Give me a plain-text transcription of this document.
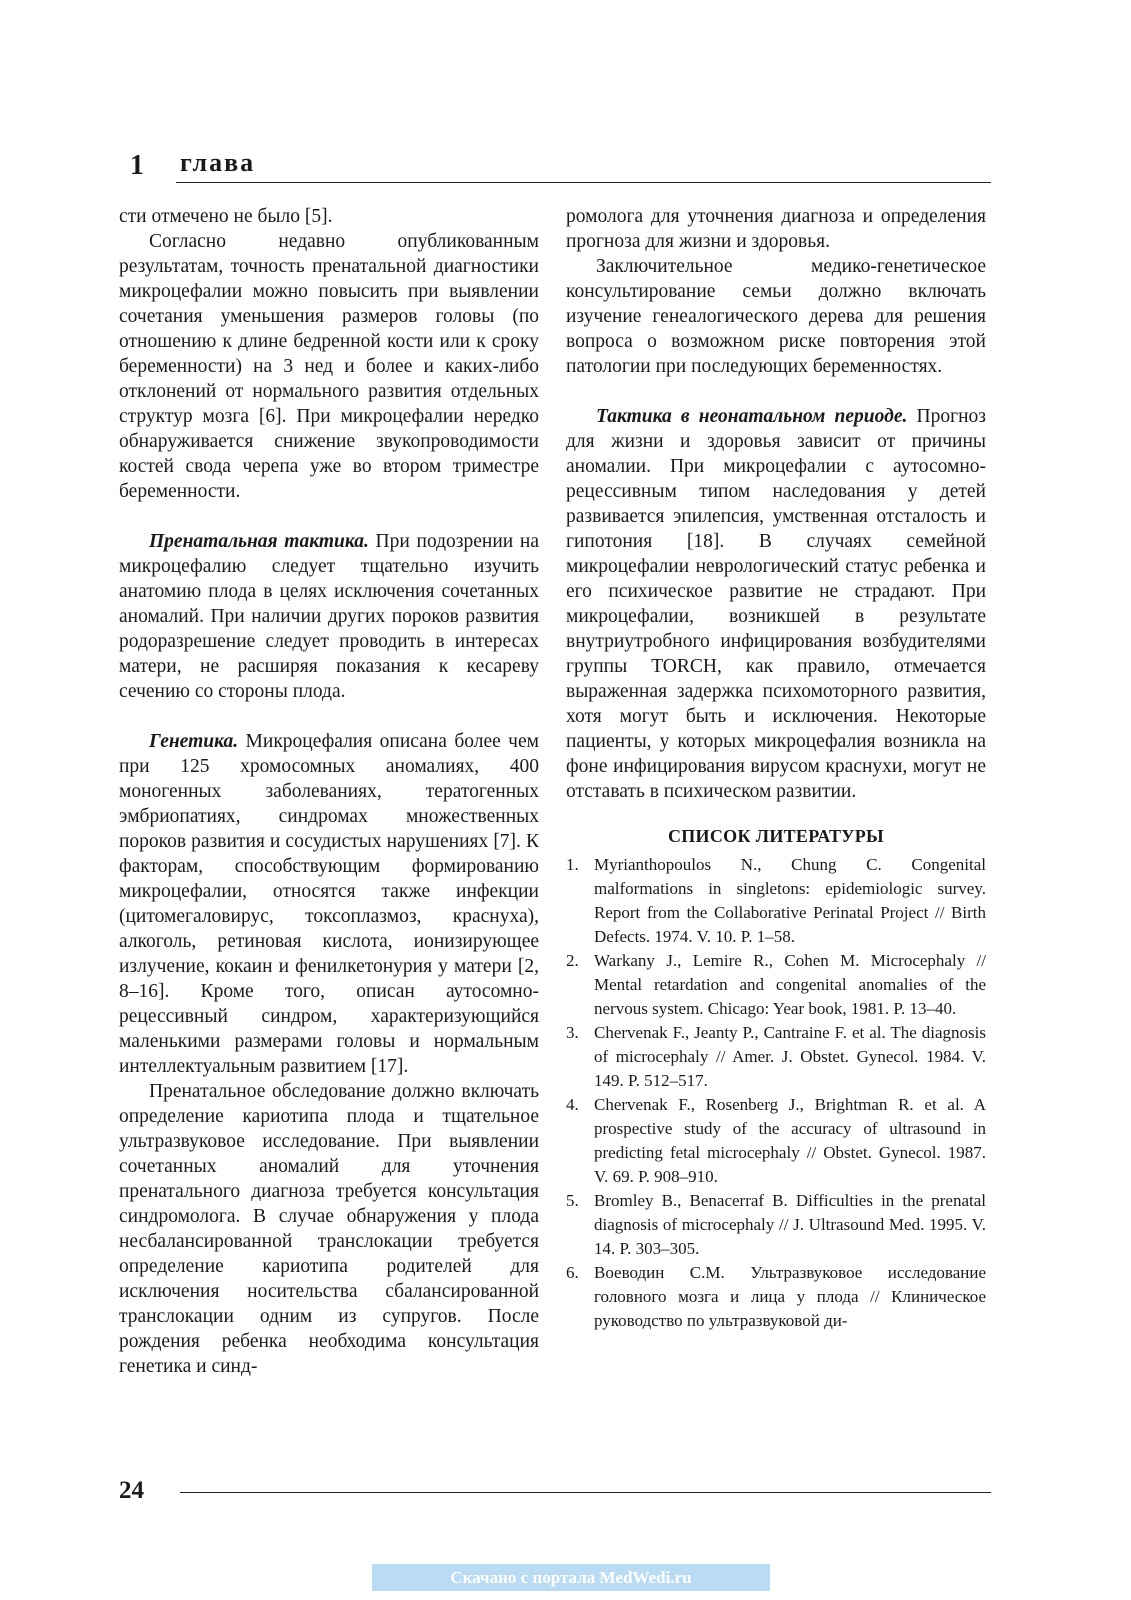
1 глава

сти отмечено не было [5].

Согласно недавно опубликованным результатам, точность пренатальной диагностики микроцефалии можно повысить при выявлении сочетания уменьшения размеров головы (по отношению к длине бедренной кости или к сроку беременности) на 3 нед и более и каких-либо отклонений от нормального развития отдельных структур мозга [6]. При микроцефалии нередко обнаруживается снижение звукопроводимости костей свода черепа уже во втором триместре беременности.

Пренатальная тактика. При подозрении на микроцефалию следует тщательно изучить анатомию плода в целях исключения сочетанных аномалий. При наличии других пороков развития родоразрешение следует проводить в интересах матери, не расширяя показания к кесареву сечению со стороны плода.

Генетика. Микроцефалия описана более чем при 125 хромосомных аномалиях, 400 моногенных заболеваниях, тератогенных эмбриопатиях, синдромах множественных пороков развития и сосудистых нарушениях [7]. К факторам, способствующим формированию микроцефалии, относятся также инфекции (цитомегаловирус, токсоплазмоз, краснуха), алкоголь, ретиновая кислота, ионизирующее излучение, кокаин и фенилкетонурия у матери [2, 8–16]. Кроме того, описан аутосомно-рецессивный синдром, характеризующийся маленькими размерами головы и нормальным интеллектуальным развитием [17].

Пренатальное обследование должно включать определение кариотипа плода и тщательное ультразвуковое исследование. При выявлении сочетанных аномалий для уточнения пренатального диагноза требуется консультация синдромолога. В случае обнаружения у плода несбалансированной транслокации требуется определение кариотипа родителей для исключения носительства сбалансированной транслокации одним из супругов. После рождения ребенка необходима консультация генетика и синд-

ромолога для уточнения диагноза и определения прогноза для жизни и здоровья.

Заключительное медико-генетическое консультирование семьи должно включать изучение генеалогического дерева для решения вопроса о возможном риске повторения этой патологии при последующих беременностях.

Тактика в неонатальном периоде. Прогноз для жизни и здоровья зависит от причины аномалии. При микроцефалии с аутосомно-рецессивным типом наследования у детей развивается эпилепсия, умственная отсталость и гипотония [18]. В случаях семейной микроцефалии неврологический статус ребенка и его психическое развитие не страдают. При микроцефалии, возникшей в результате внутриутробного инфицирования возбудителями группы TORCH, как правило, отмечается выраженная задержка психомоторного развития, хотя могут быть и исключения. Некоторые пациенты, у которых микроцефалия возникла на фоне инфицирования вирусом краснухи, могут не отставать в психическом развитии.

СПИСОК ЛИТЕРАТУРЫ
1. Myrianthopoulos N., Chung C. Congenital malformations in singletons: epidemiologic survey. Report from the Collaborative Perinatal Project // Birth Defects. 1974. V. 10. P. 1–58.
2. Warkany J., Lemire R., Cohen M. Microcephaly // Mental retardation and congenital anomalies of the nervous system. Chicago: Year book, 1981. P. 13–40.
3. Chervenak F., Jeanty P., Cantraine F. et al. The diagnosis of microcephaly // Amer. J. Obstet. Gynecol. 1984. V. 149. P. 512–517.
4. Chervenak F., Rosenberg J., Brightman R. et al. A prospective study of the accuracy of ultrasound in predicting fetal microcephaly // Obstet. Gynecol. 1987. V. 69. P. 908–910.
5. Bromley B., Benacerraf B. Difficulties in the prenatal diagnosis of microcephaly // J. Ultrasound Med. 1995. V. 14. P. 303–305.
6. Воеводин С.М. Ультразвуковое исследование головного мозга и лица у плода // Клиническое руководство по ультразвуковой ди-
24
Скачано с портала MedWedi.ru
